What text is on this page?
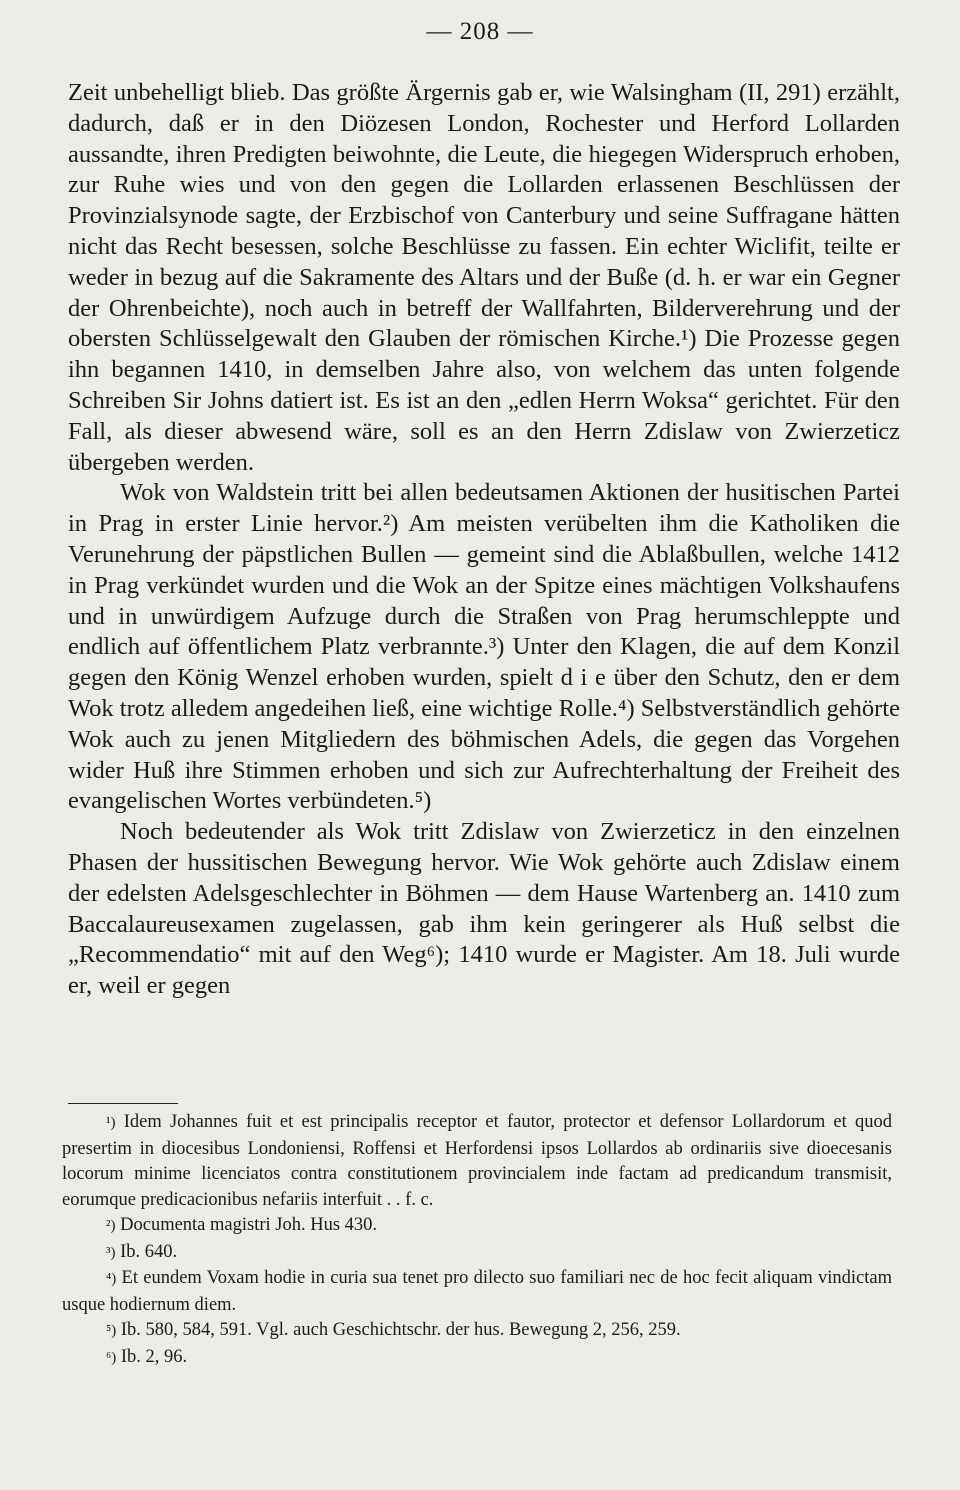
— 208 —

Zeit unbehelligt blieb. Das größte Ärgernis gab er, wie Walsingham (II, 291) erzählt, dadurch, daß er in den Diözesen London, Rochester und Herford Lollarden aussandte, ihren Predigten beiwohnte, die Leute, die hiegegen Widerspruch erhoben, zur Ruhe wies und von den gegen die Lollarden erlassenen Beschlüssen der Provinzialsynode sagte, der Erzbischof von Canterbury und seine Suffragane hätten nicht das Recht besessen, solche Beschlüsse zu fassen. Ein echter Wiclifit, teilte er weder in bezug auf die Sakramente des Altars und der Buße (d. h. er war ein Gegner der Ohrenbeichte), noch auch in betreff der Wallfahrten, Bilderverehrung und der obersten Schlüsselgewalt den Glauben der römischen Kirche.¹) Die Prozesse gegen ihn begannen 1410, in demselben Jahre also, von welchem das unten folgende Schreiben Sir Johns datiert ist. Es ist an den „edlen Herrn Woksa“ gerichtet. Für den Fall, als dieser abwesend wäre, soll es an den Herrn Zdislaw von Zwierzeticz übergeben werden.

Wok von Waldstein tritt bei allen bedeutsamen Aktionen der husitischen Partei in Prag in erster Linie hervor.²) Am meisten verübelten ihm die Katholiken die Verunehrung der päpstlichen Bullen — gemeint sind die Ablaßbullen, welche 1412 in Prag verkündet wurden und die Wok an der Spitze eines mächtigen Volkshaufens und in unwürdigem Aufzuge durch die Straßen von Prag herumschleppte und endlich auf öffentlichem Platz verbrannte.³) Unter den Klagen, die auf dem Konzil gegen den König Wenzel erhoben wurden, spielt d i e über den Schutz, den er dem Wok trotz alledem angedeihen ließ, eine wichtige Rolle.⁴) Selbstverständlich gehörte Wok auch zu jenen Mitgliedern des böhmischen Adels, die gegen das Vorgehen wider Huß ihre Stimmen erhoben und sich zur Aufrechterhaltung der Freiheit des evangelischen Wortes verbündeten.⁵)

Noch bedeutender als Wok tritt Zdislaw von Zwierzeticz in den einzelnen Phasen der hussitischen Bewegung hervor. Wie Wok gehörte auch Zdislaw einem der edelsten Adelsgeschlechter in Böhmen — dem Hause Wartenberg an. 1410 zum Baccalaureusexamen zugelassen, gab ihm kein geringerer als Huß selbst die „Recommendatio“ mit auf den Weg⁶); 1410 wurde er Magister. Am 18. Juli wurde er, weil er gegen

¹) Idem Johannes fuit et est principalis receptor et fautor, protector et defensor Lollardorum et quod presertim in diocesibus Londoniensi, Roffensi et Herfordensi ipsos Lollardos ab ordinariis sive dioecesanis locorum minime licenciatos contra constitutionem provincialem inde factam ad predicandum transmisit, eorumque predicacionibus nefariis interfuit . . f. c.

²) Documenta magistri Joh. Hus 430.

³) Ib. 640.

⁴) Et eundem Voxam hodie in curia sua tenet pro dilecto suo familiari nec de hoc fecit aliquam vindictam usque hodiernum diem.

⁵) Ib. 580, 584, 591. Vgl. auch Geschichtschr. der hus. Bewegung 2, 256, 259.

⁶) Ib. 2, 96.
